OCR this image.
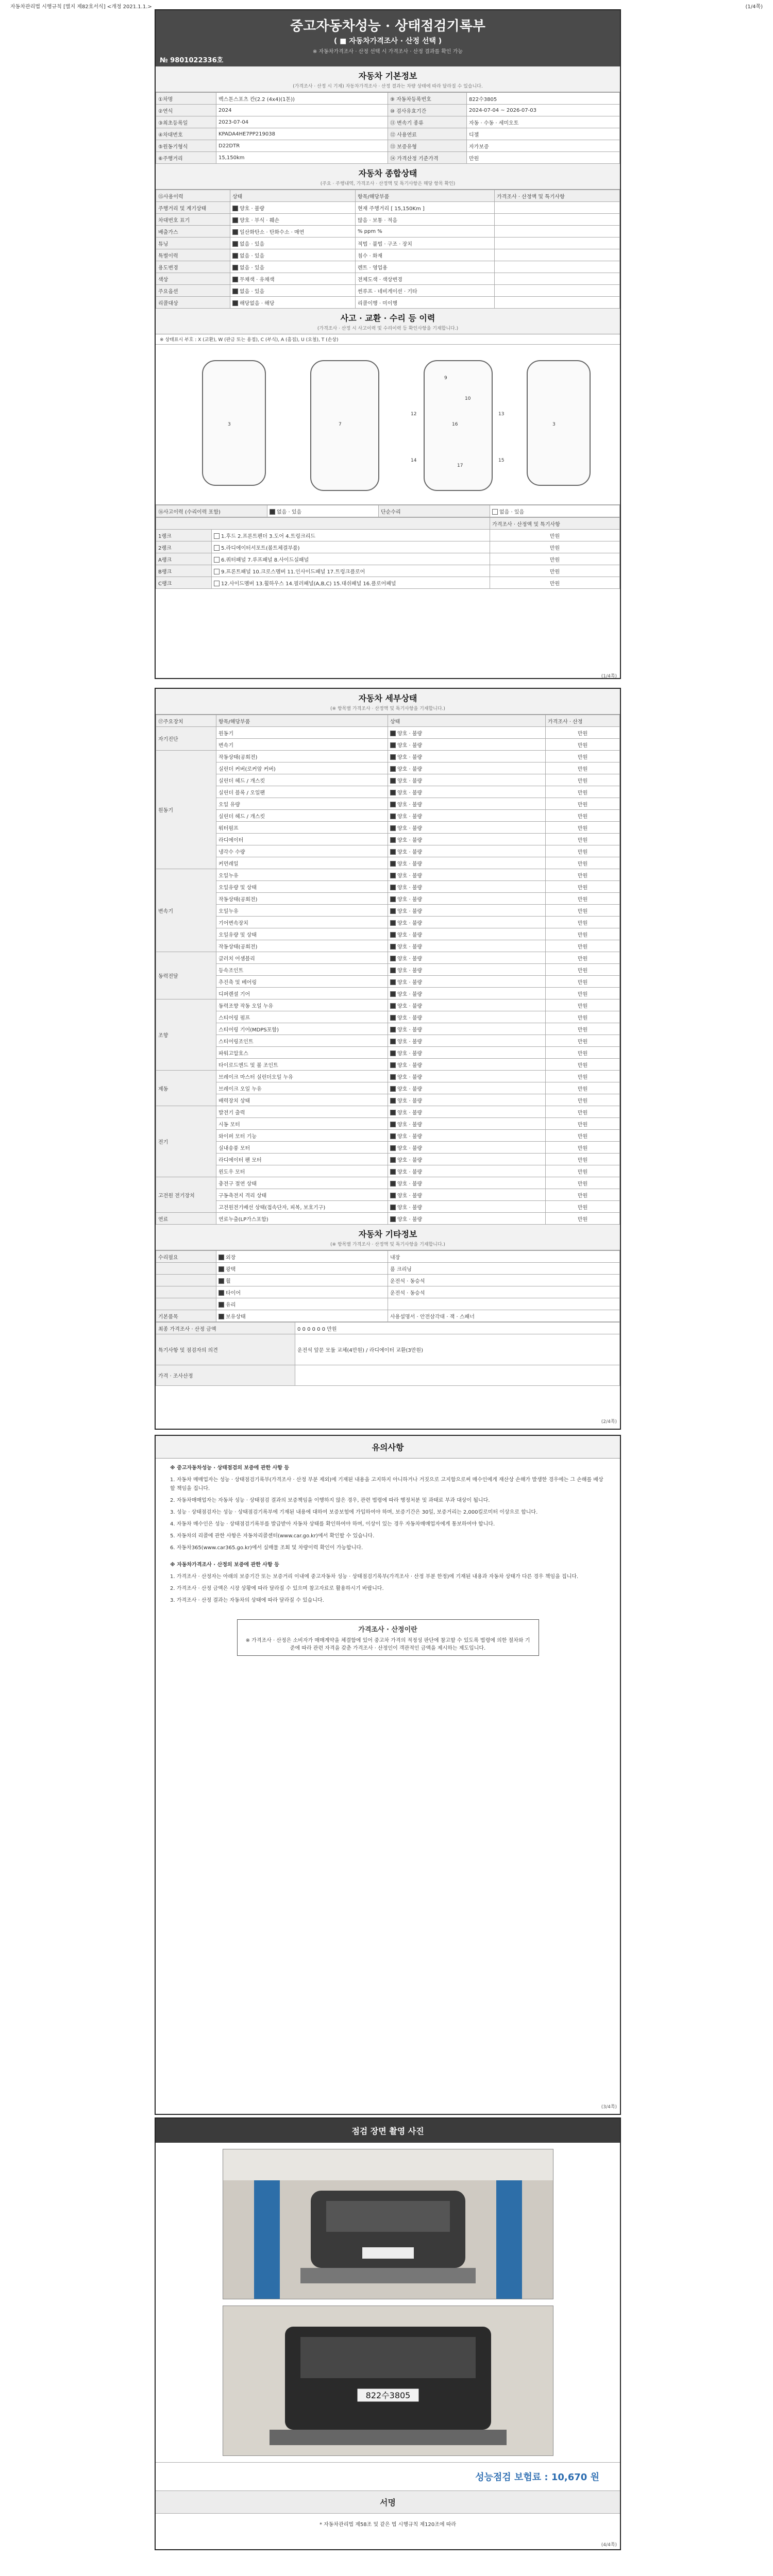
자동차관리법 시행규칙 [별지 제82호서식] <개정 2021.1.1.>	(1/4쪽)
중고자동차성능 · 상태점검기록부
( ■ 자동차가격조사 · 산정 선택 )
※ 자동차가격조사 · 산정 선택 시 가격조사 · 산정 결과를 확인 가능
№ 9801022336호
자동차 기본정보
(가격조사 · 산정 시 기재) 자동차가격조사 · 산정 결과는 차량 상태에 따라 달라질 수 있습니다.
①차명	벡스톤스포츠 칸(2.2 (4x4)(1톤))	⑨ 자동차등록번호	822수3805
②연식	2024	⑩ 검사유효기간	2024-07-04 ~ 2026-07-03
③최초등록일	2023-07-04	⑪ 변속기 종류	자동 · 수동 · 세미오토
④차대번호	KPADA4HE7PP219038	⑫ 사용연료	디젤
⑤원동기형식	D22DTR	⑬ 보증유형	자가보증
⑥주행거리	15,150km	⑭ 가격산정 기준가격	만원
자동차 종합상태
(주요 · 주행내역, 가격조사 · 산정액 및 특기사항은 해당 항목 확인)
⑮사용이력	상태	항목/해당부품	가격조사 · 산정액 및 특기사항
주행거리 및 계기상태	양호 · 불량	현재 주행거리 [ 15,150Km ]	
차대번호 표기	양호 · 부식 · 훼손	많음 · 보통 · 적음	
배출가스	일산화탄소 · 탄화수소 · 매연	% ppm %	
튜닝	없음 · 있음	적법 · 불법 · 구조 · 장치	
특별이력	없음 · 있음	침수 · 화재	
용도변경	없음 · 있음	렌트 · 영업용	
색상	무채색 · 유채색	전체도색 · 색상변경	
주요옵션	없음 · 있음	썬루프 · 네비게이션 · 기타	
리콜대상	해당없음 · 해당	리콜이행 · 미이행	
사고 · 교환 · 수리 등 이력
(가격조사 · 산정 시 사고이력 및 수리이력 등 확인사항을 기재합니다.)
※ 상태표시 부호 : X (교환), W (판금 또는 용접), C (부식), A (흠집), U (요철), T (손상)
9
10
16
17
12	13
14	15
7
3	3
⑯사고이력 (수리이력 포함)	없음 · 있음	단순수리	없음 · 있음
		가격조사 · 산정액 및 특기사항
1랭크	1.후드 2.프론트펜더 3.도어 4.트렁크리드	만원
2랭크	5.라디에이터서포트(볼트체결부품)	만원
A랭크	6.쿼터패널 7.루프패널 8.사이드실패널	만원
B랭크	9.프론트패널 10.크로스멤버 11.인사이드패널 17.트렁크플로어	만원
C랭크	12.사이드멤버 13.휠하우스 14.필러패널(A,B,C) 15.대쉬패널 16.플로어패널	만원
(1/4쪽)
자동차 세부상태
(※ 항목별 가격조사 · 산정액 및 특기사항을 기재합니다.)
⑰주요장치	항목/해당부품	상태	가격조사 · 산정
자기진단	원동기	양호 · 불량	만원
	변속기	양호 · 불량	만원
원동기	작동상태(공회전)	양호 · 불량	만원
	실린더 커버(로커암 커버)	양호 · 불량	만원
	실린더 헤드 / 개스킷	양호 · 불량	만원
	실린더 블록 / 오일팬	양호 · 불량	만원
	오일 유량	양호 · 불량	만원
	실린더 헤드 / 개스킷	양호 · 불량	만원
	워터펌프	양호 · 불량	만원
	라디에이터	양호 · 불량	만원
	냉각수 수량	양호 · 불량	만원
	커먼레일	양호 · 불량	만원
변속기	오일누유	양호 · 불량	만원
	오일유량 및 상태	양호 · 불량	만원
	작동상태(공회전)	양호 · 불량	만원
	오일누유	양호 · 불량	만원
	기어변속장치	양호 · 불량	만원
	오일유량 및 상태	양호 · 불량	만원
	작동상태(공회전)	양호 · 불량	만원
동력전달	클러치 어셈블리	양호 · 불량	만원
	등속조인트	양호 · 불량	만원
	추진축 및 베어링	양호 · 불량	만원
	디퍼렌셜 기어	양호 · 불량	만원
조향	동력조향 작동 오일 누유	양호 · 불량	만원
	스티어링 펌프	양호 · 불량	만원
	스티어링 기어(MDPS포함)	양호 · 불량	만원
	스티어링조인트	양호 · 불량	만원
	파워고압호스	양호 · 불량	만원
	타이로드엔드 및 볼 조인트	양호 · 불량	만원
제동	브레이크 마스터 실린더오일 누유	양호 · 불량	만원
	브레이크 오일 누유	양호 · 불량	만원
	배력장치 상태	양호 · 불량	만원
전기	발전기 출력	양호 · 불량	만원
	시동 모터	양호 · 불량	만원
	와이퍼 모터 기능	양호 · 불량	만원
	실내송풍 모터	양호 · 불량	만원
	라디에이터 팬 모터	양호 · 불량	만원
	윈도우 모터	양호 · 불량	만원
고전원 전기장치	충전구 절연 상태	양호 · 불량	만원
	구동축전지 격리 상태	양호 · 불량	만원
	고전원전기배선 상태(접속단자, 피복, 보호기구)	양호 · 불량	만원
연료	연료누출(LP가스포함)	양호 · 불량	만원
자동차 기타정보
(※ 항목별 가격조사 · 산정액 및 특기사항을 기재합니다.)
수리필요	외장	내장
	광택	룸 크리닝
	휠	운전석 · 동승석
	타이어	운전석 · 동승석
	유리	
기본품목	보유상태	사용설명서 · 안전삼각대 · 잭 · 스패너
최종 가격조사 · 산정 금액	0 0 0 0 0 0 만원
특기사항 및 점검자의 의견	운전석 앞문 모듈 교체(4만원) / 라디에이터 교환(3만원)
가격 · 조사산정	
(2/4쪽)
유의사항

※ 중고자동차성능 · 상태점검의 보증에 관한 사항 등

1. 자동차 매매업자는 성능 · 상태점검기록부(가격조사 · 산정 부분 제외)에 기재된 내용을 고지하지 아니하거나 거짓으로 고지함으로써 매수인에게 재산상 손해가 발생한 경우에는 그 손해를 배상할 책임을 집니다.

2. 자동차매매업자는 자동차 성능 · 상태점검 결과의 보증책임을 이행하지 않은 경우, 관련 법령에 따라 행정처분 및 과태료 부과 대상이 됩니다.

3. 성능 · 상태점검자는 성능 · 상태점검기록부에 기재된 내용에 대하여 보증보험에 가입하여야 하며, 보증기간은 30일, 보증거리는 2,000킬로미터 이상으로 합니다.

4. 자동차 매수인은 성능 · 상태점검기록부를 발급받아 자동차 상태를 확인하여야 하며, 이상이 있는 경우 자동차매매업자에게 통보하여야 합니다.

5. 자동차의 리콜에 관한 사항은 자동차리콜센터(www.car.go.kr)에서 확인할 수 있습니다.

6. 자동차365(www.car365.go.kr)에서 실매물 조회 및 차량이력 확인이 가능합니다.

※ 자동차가격조사 · 산정의 보증에 관한 사항 등

1. 가격조사 · 산정자는 아래의 보증기간 또는 보증거리 이내에 중고자동차 성능 · 상태점검기록부(가격조사 · 산정 부분 한정)에 기재된 내용과 자동차 상태가 다른 경우 책임을 집니다.

2. 가격조사 · 산정 금액은 시장 상황에 따라 달라질 수 있으며 참고자료로 활용하시기 바랍니다.

3. 가격조사 · 산정 결과는 자동차의 상태에 따라 달라질 수 있습니다.

가격조사 · 산정이란
※ 가격조사 · 산정은 소비자가 매매계약을 체결함에 있어 중고차 가격의 적정성 판단에 참고할 수 있도록 법령에 의한 절차와 기준에 따라 관련 자격을 갖춘 가격조사 · 산정인이 객관적인 금액을 제시하는 제도입니다.
(3/4쪽)
점검 장면 촬영 사진
822수3805
성능점검 보험료 : 10,670 원
서명
* 자동차관리법 제58조 및 같은 법 시행규칙 제120조에 따라
(4/4쪽)
